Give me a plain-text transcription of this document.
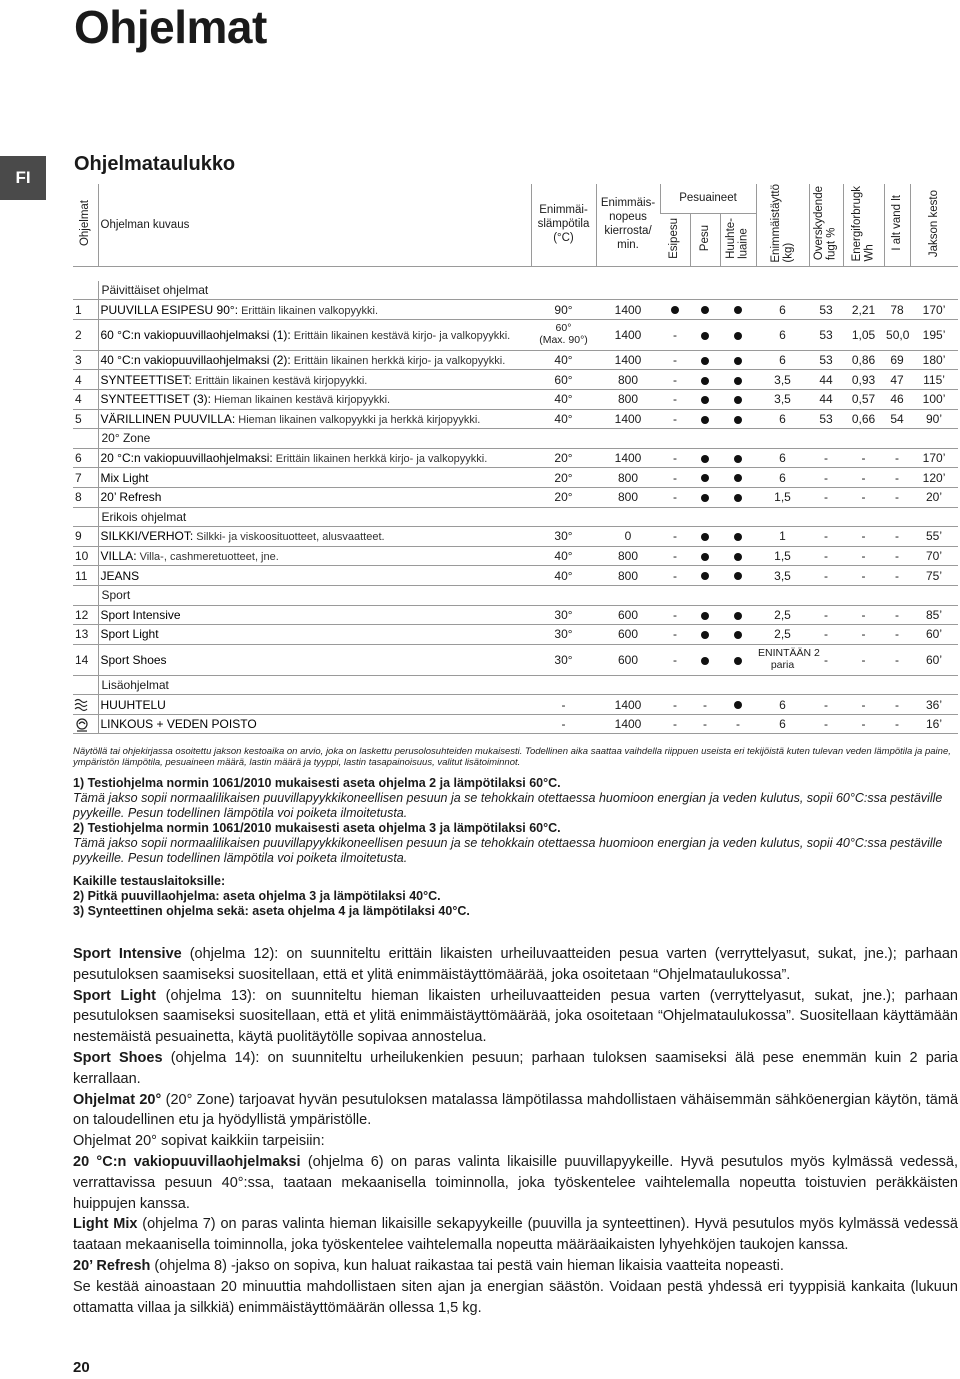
Ohjelmat
FI
Ohjelmataulukko
Ohjelmat	Ohjelman kuvaus	Enimmäi-
slämpötila
(°C)	Enimmäis-
nopeus
kierrosta/
min.	Pesuaineet			Enimmäistäyttö
(kg)	Overskydende
fugt %	Energiforbrugk
Wh	I alt vand lt	Jakson kesto
				Esipesu	Pesu	Huuhte-
luaine					

	Päivittäiset ohjelmat										
1	PUUVILLA ESIPESU 90°: Erittäin likainen valkopyykki.	90°	1400				6	53	2,21	78	170’
2	60 °C:n vakiopuuvillaohjelmaksi (1): Erittäin likainen kestävä kirjo- ja valkopyykki.	60°
(Max. 90°)	1400	-			6	53	1,05	50,0	195’
3	40 °C:n vakiopuuvillaohjelmaksi (2): Erittäin likainen herkkä kirjo- ja valkopyykki.	40°	1400	-			6	53	0,86	69	180’
4	SYNTEETTISET: Erittäin likainen kestävä kirjopyykki.	60°	800	-			3,5	44	0,93	47	115’
4	SYNTEETTISET (3): Hieman likainen kestävä kirjopyykki.	40°	800	-			3,5	44	0,57	46	100’
5	VÄRILLINEN PUUVILLA: Hieman likainen valkopyykki ja herkkä kirjopyykki.	40°	1400	-			6	53	0,66	54	90’
	20° Zone										
6	20 °C:n vakiopuuvillaohjelmaksi: Erittäin likainen herkkä kirjo- ja valkopyykki.	20°	1400	-			6	-	-	-	170’
7	Mix Light	20°	800	-			6	-	-	-	120’
8	20’ Refresh	20°	800	-			1,5	-	-	-	20’
	Erikois ohjelmat										
9	SILKKI/VERHOT: Silkki- ja viskoosituotteet, alusvaatteet.	30°	0	-			1	-	-	-	55’
10	VILLA: Villa-, cashmeretuotteet, jne.	40°	800	-			1,5	-	-	-	70’
11	JEANS	40°	800	-			3,5	-	-	-	75’
	Sport										
12	Sport Intensive	30°	600	-			2,5	-	-	-	85’
13	Sport Light	30°	600	-			2,5	-	-	-	60’
14	Sport Shoes	30°	600	-			ENINTÄÄN 2
paria	-	-	-	60’
	Lisäohjelmat										
	HUUHTELU	-	1400	-	-		6	-	-	-	36’
	LINKOUS + VEDEN POISTO	-	1400	-	-	-	6	-	-	-	16’
Näytöllä tai ohjekirjassa osoitettu jakson kestoaika on arvio, joka on laskettu perusolosuhteiden mukaisesti. Todellinen aika saattaa vaihdella riippuen useista eri tekijöistä kuten tulevan veden lämpötila ja paine, ympäristön lämpötila, pesuaineen määrä, lastin määrä ja tyyppi, lastin tasapainoisuus, valitut lisätoiminnot.

1) Testiohjelma normin 1061/2010 mukaisesti aseta ohjelma 2 ja lämpötilaksi 60°C.

Tämä jakso sopii normaalilikaisen puuvillapyykkikoneellisen pesuun ja se tehokkain otettaessa huomioon energian ja veden kulutus, sopii 60°C:ssa pestäville pyykeille. Pesun todellinen lämpötila voi poiketa ilmoitetusta.

2) Testiohjelma normin 1061/2010 mukaisesti aseta ohjelma 3 ja lämpötilaksi 60°C.

Tämä jakso sopii normaalilikaisen puuvillapyykkikoneellisen pesuun ja se tehokkain otettaessa huomioon energian ja veden kulutus, sopii 40°C:ssa pestäville pyykeille. Pesun todellinen lämpötila voi poiketa ilmoitetusta.

Kaikille testauslaitoksille:

2) Pitkä puuvillaohjelma: aseta ohjelma 3 ja lämpötilaksi 40°C.

3) Synteettinen ohjelma sekä: aseta ohjelma 4 ja lämpötilaksi 40°C.

Sport Intensive (ohjelma 12): on suunniteltu erittäin likaisten urheiluvaatteiden pesua varten (verryttelyasut, sukat, jne.); parhaan pesutuloksen saamiseksi suositellaan, että et ylitä enimmäistäyttömäärää, joka osoitetaan “Ohjelmataulukossa”.

Sport Light (ohjelma 13): on suunniteltu hieman likaisten urheiluvaatteiden pesua varten (verryttelyasut, sukat, jne.); parhaan pesutuloksen saamiseksi suositellaan, että et ylitä enimmäistäyttömäärää, joka osoitetaan “Ohjelmataulukossa”. Suositellaan käyttämään nestemäistä pesuainetta, käytä puolitäytölle sopivaa annostelua.

Sport Shoes (ohjelma 14): on suunniteltu urheilukenkien pesuun; parhaan tuloksen saamiseksi älä pese enemmän kuin 2 paria kerrallaan.

Ohjelmat 20° (20° Zone) tarjoavat hyvän pesutuloksen matalassa lämpötilassa mahdollistaen vähäisemmän sähköenergian käytön, tämä on taloudellinen etu ja hyödyllistä ympäristölle.

Ohjelmat 20° sopivat kaikkiin tarpeisiin:

20 °C:n vakiopuuvillaohjelmaksi (ohjelma 6) on paras valinta likaisille puuvillapyykeille. Hyvä pesutulos myös kylmässä vedessä, verrattavissa pesuun 40°:ssa, taataan mekaanisella toiminnolla, joka työskentelee vaihtelemalla nopeutta toistuvien peräkkäisten huippujen kanssa.

Light Mix (ohjelma 7) on paras valinta hieman likaisille sekapyykeille (puuvilla ja synteettinen). Hyvä pesutulos myös kylmässä vedessä taataan mekaanisella toiminnolla, joka työskentelee vaihtelemalla nopeutta määräaikaisten lyhyehköjen taukojen kanssa.

20’ Refresh (ohjelma 8) -jakso on sopiva, kun haluat raikastaa tai pestä vain hieman likaisia vaatteita nopeasti.

Se kestää ainoastaan 20 minuuttia mahdollistaen siten ajan ja energian säästön. Voidaan pestä yhdessä eri tyyppisiä kankaita (lukuun ottamatta villaa ja silkkiä) enimmäistäyttömäärän ollessa 1,5 kg.

20
